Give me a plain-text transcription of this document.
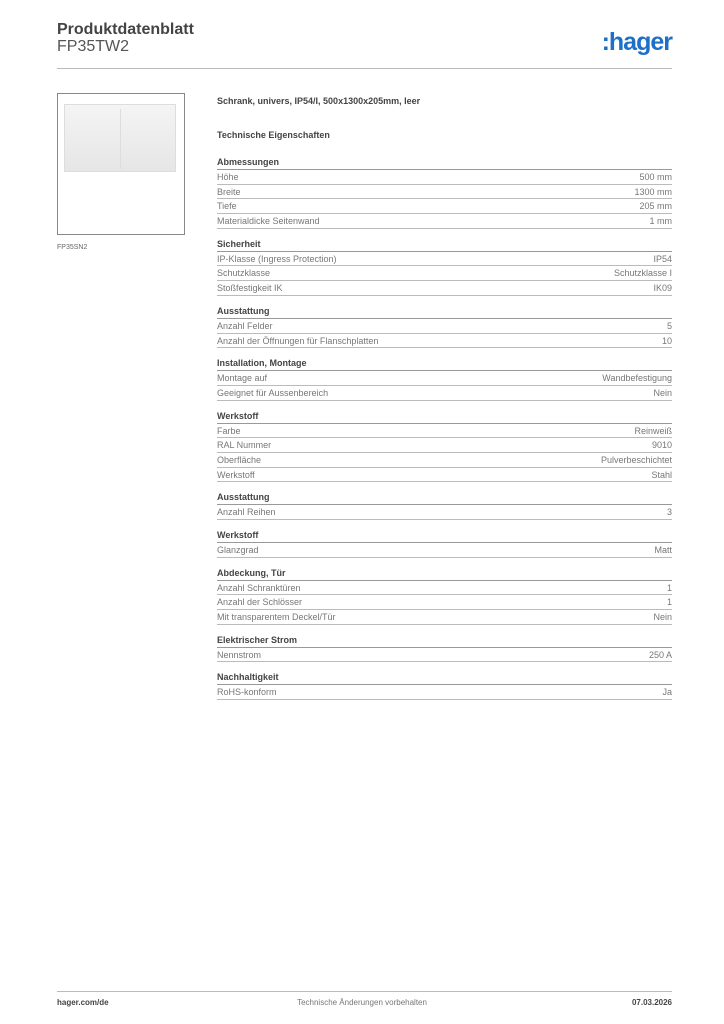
Produktdatenblatt
FP35TW2	:hager
FP35SN2
Schrank, univers, IP54/I, 500x1300x205mm, leer
Technische Eigenschaften
Abmessungen
Höhe	500 mm
Breite	1300 mm
Tiefe	205 mm
Materialdicke Seitenwand	1 mm
Sicherheit
IP-Klasse (Ingress Protection)	IP54
Schutzklasse	Schutzklasse I
Stoßfestigkeit IK	IK09
Ausstattung
Anzahl Felder	5
Anzahl der Öffnungen für Flanschplatten	10
Installation, Montage
Montage auf	Wandbefestigung
Geeignet für Aussenbereich	Nein
Werkstoff
Farbe	Reinweiß
RAL Nummer	9010
Oberfläche	Pulverbeschichtet
Werkstoff	Stahl
Ausstattung
Anzahl Reihen	3
Werkstoff
Glanzgrad	Matt
Abdeckung, Tür
Anzahl Schranktüren	1
Anzahl der Schlösser	1
Mit transparentem Deckel/Tür	Nein
Elektrischer Strom
Nennstrom	250 A
Nachhaltigkeit
RoHS-konform	Ja
hager.com/de	Technische Änderungen vorbehalten	07.03.2026
